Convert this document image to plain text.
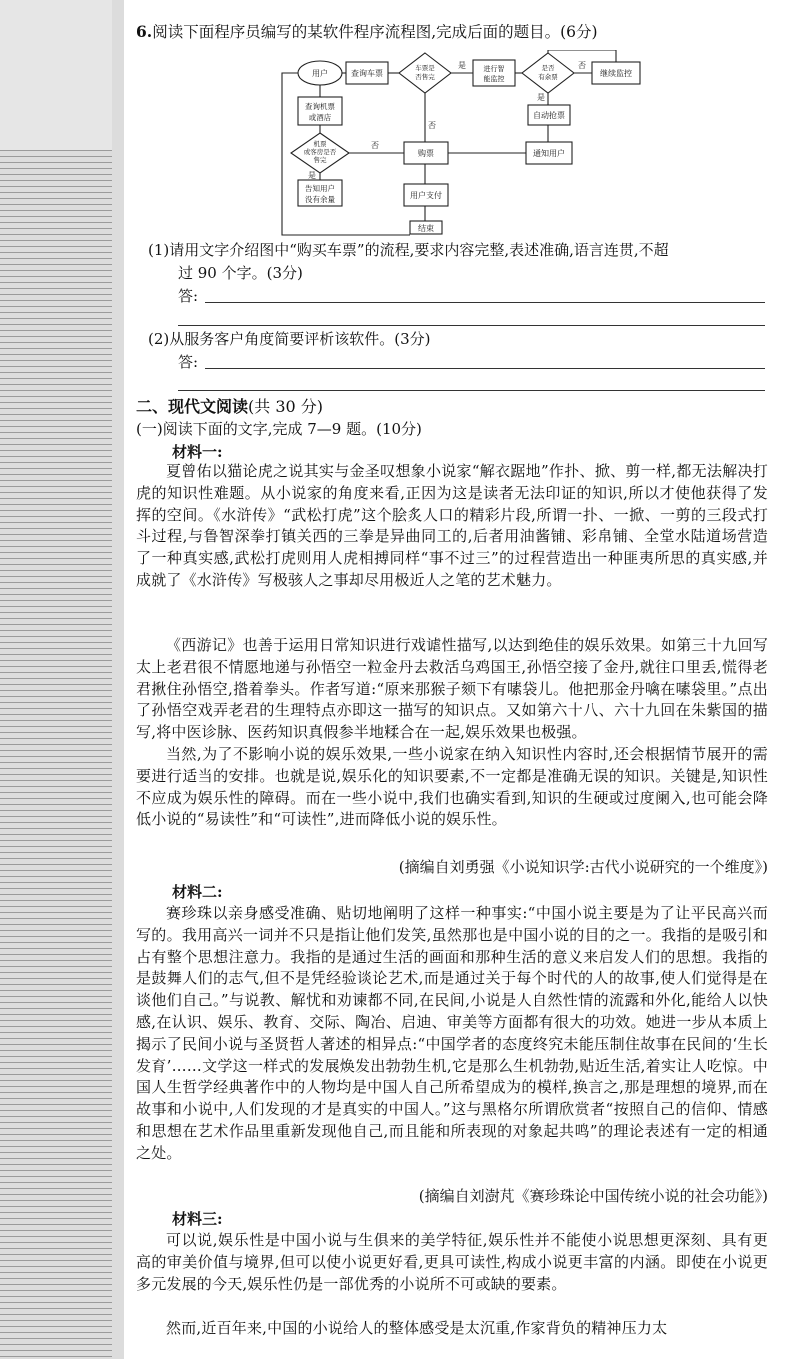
6.阅读下面程序员编写的某软件程序流程图,完成后面的题目。(6分)
用户	查询车票
车票是
否售完
是	进行智
能监控
是否
有余票
否
继续监控
是
查询机票
或酒店
否
自动抢票
机票
或客房是否
售完
否
购票	通知用户
是
告知用户
没有余量	用户支付
结束
(1)请用文字介绍图中“购买车票”的流程,要求内容完整,表述准确,语言连贯,不超
过 90 个字。(3分)
答:
(2)从服务客户角度简要评析该软件。(3分)
答:
二、现代文阅读(共 30 分)
(一)阅读下面的文字,完成 7—9 题。(10分)
材料一:
夏曾佑以猫论虎之说其实与金圣叹想象小说家“解衣踞地”作扑、掀、剪一样,都无法解决打虎的知识性难题。从小说家的角度来看,正因为这是读者无法印证的知识,所以才使他获得了发挥的空间。《水浒传》“武松打虎”这个脍炙人口的精彩片段,所谓一扑、一掀、一剪的三段式打斗过程,与鲁智深拳打镇关西的三拳是异曲同工的,后者用油酱铺、彩帛铺、全堂水陆道场营造了一种真实感,武松打虎则用人虎相搏同样“事不过三”的过程营造出一种匪夷所思的真实感,并成就了《水浒传》写极骇人之事却尽用极近人之笔的艺术魅力。
《西游记》也善于运用日常知识进行戏谑性描写,以达到绝佳的娱乐效果。如第三十九回写太上老君很不情愿地递与孙悟空一粒金丹去救活乌鸡国王,孙悟空接了金丹,就往口里丢,慌得老君揪住孙悟空,揝着拳头。作者写道:“原来那猴子颏下有嗉袋儿。他把那金丹噙在嗉袋里。”点出了孙悟空戏弄老君的生理特点亦即这一描写的知识点。又如第六十八、六十九回在朱紫国的描写,将中医诊脉、医药知识真假参半地糅合在一起,娱乐效果也极强。
当然,为了不影响小说的娱乐效果,一些小说家在纳入知识性内容时,还会根据情节展开的需要进行适当的安排。也就是说,娱乐化的知识要素,不一定都是准确无误的知识。关键是,知识性不应成为娱乐性的障碍。而在一些小说中,我们也确实看到,知识的生硬或过度阑入,也可能会降低小说的“易读性”和“可读性”,进而降低小说的娱乐性。
(摘编自刘勇强《小说知识学:古代小说研究的一个维度》)
材料二:
赛珍珠以亲身感受准确、贴切地阐明了这样一种事实:“中国小说主要是为了让平民高兴而写的。我用高兴一词并不只是指让他们发笑,虽然那也是中国小说的目的之一。我指的是吸引和占有整个思想注意力。我指的是通过生活的画面和那种生活的意义来启发人们的思想。我指的是鼓舞人们的志气,但不是凭经验谈论艺术,而是通过关于每个时代的人的故事,使人们觉得是在谈他们自己。”与说教、解忧和劝谏都不同,在民间,小说是人自然性情的流露和外化,能给人以快感,在认识、娱乐、教育、交际、陶冶、启迪、审美等方面都有很大的功效。她进一步从本质上揭示了民间小说与圣贤哲人著述的相异点:“中国学者的态度终究未能压制住故事在民间的‘生长发育’……文学这一样式的发展焕发出勃勃生机,它是那么生机勃勃,贴近生活,着实让人吃惊。中国人生哲学经典著作中的人物均是中国人自己所希望成为的模样,换言之,那是理想的境界,而在故事和小说中,人们发现的才是真实的中国人。”这与黑格尔所谓欣赏者“按照自己的信仰、情感和思想在艺术作品里重新发现他自己,而且能和所表现的对象起共鸣”的理论表述有一定的相通之处。
(摘编自刘澍芃《赛珍珠论中国传统小说的社会功能》)
材料三:
可以说,娱乐性是中国小说与生俱来的美学特征,娱乐性并不能使小说思想更深刻、具有更高的审美价值与境界,但可以使小说更好看,更具可读性,构成小说更丰富的内涵。即使在小说更多元发展的今天,娱乐性仍是一部优秀的小说所不可或缺的要素。
然而,近百年来,中国的小说给人的整体感受是太沉重,作家背负的精神压力太
